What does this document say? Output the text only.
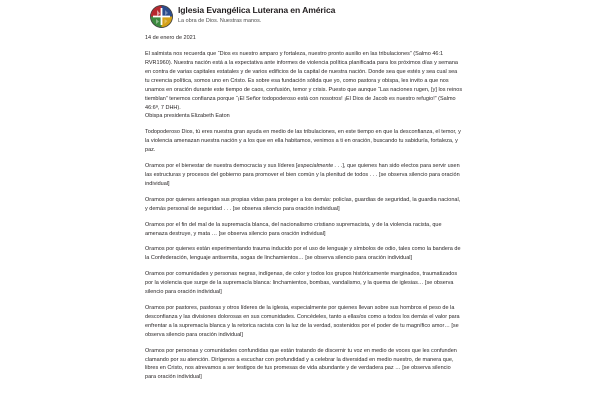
Iglesia Evangélica Luterana en América
La obra de Dios. Nuestras manos.
14 de enero de 2021

El salmista nos recuerda que “Dios es nuestro amparo y fortaleza, nuestro pronto auxilio en las tribulaciones” (Salmo 46:1 RVR1960). Nuestra nación está a la expectativa ante informes de violencia política planificada para los próximos días y semana en contra de varias capitales estatales y de varios edificios de la capital de nuestra nación. Donde sea que estés y sea cual sea tu creencia política, somos uno en Cristo. Es sobre esa fundación sólida que yo, como pastora y obispa, les invito a que nos unamos en oración durante este tiempo de caos, confusión, temor y crisis. Puesto que aunque “Las naciones rugen, [y] los reinos tiemblan” tenemos confianza porque “¡El Señor todopoderoso está con nosotros! ¡El Dios de Jacob es nuestro refugio!” (Salmo 46:6ª, 7 DHH).

Obispa presidenta Elizabeth Eaton

Todopoderoso Dios, tú eres nuestra gran ayuda en medio de las tribulaciones, en este tiempo en que la desconfianza, el temor, y la violencia amenazan nuestra nación y a los que en ella habitamos, venimos a ti en oración, buscando tu sabiduría, fortaleza, y paz.

Oramos por el bienestar de nuestra democracia y sus líderes [especialmente . . .], que quienes han sido electos para servir usen las estructuras y procesos del gobierno para promover el bien común y la plenitud de todos . . . [se observa silencio para oración individual]

Oramos por quienes arriesgan sus propias vidas para proteger a los demás: policías, guardias de seguridad, la guardia nacional, y demás personal de seguridad . . . [se observa silencio para oración individual]

Oramos por el fin del mal de la supremacía blanca, del nacionalismo cristiano supremacista, y de la violencia racista, que amenaza destruye, y mata … [se observa silencio para oración individual]

Oramos por quienes están experimentando trauma inducido por el uso de lenguaje y símbolos de odio, tales como la bandera de la Confederación, lenguaje antisemita, sogas de linchamientos… [se observa silencio para oración individual]

Oramos por comunidades y personas negras, indígenas, de color y todos los grupos históricamente marginados, traumatizados por la violencia que surge de la supremacía blanca: linchamientos, bombas, vandalismo, y la quema de iglesias… [se observa silencio para oración individual]

Oramos por pastores, pastoras y otros líderes de la iglesia, especialmente por quienes llevan sobre sus hombros el peso de la desconfianza y las divisiones dolorosas en sus comunidades. Concédeles, tanto a ellas/os como a todos los demás el valor para enfrentar a la supremacía blanca y la retorica racista con la luz de la verdad, sostenidos por el poder de tu magnífico amor… [se observa silencio para oración individual]

Oramos por personas y comunidades confundidas que están tratando de discernir tu voz en medio de voces que les confunden clamando por su atención. Dirígenos a escuchar con profundidad y a celebrar la diversidad en medio nuestro, de manera que, libres en Cristo, nos atrevamos a ser testigos de tus promesas de vida abundante y de verdadera paz … [se observa silencio para oración individual]
